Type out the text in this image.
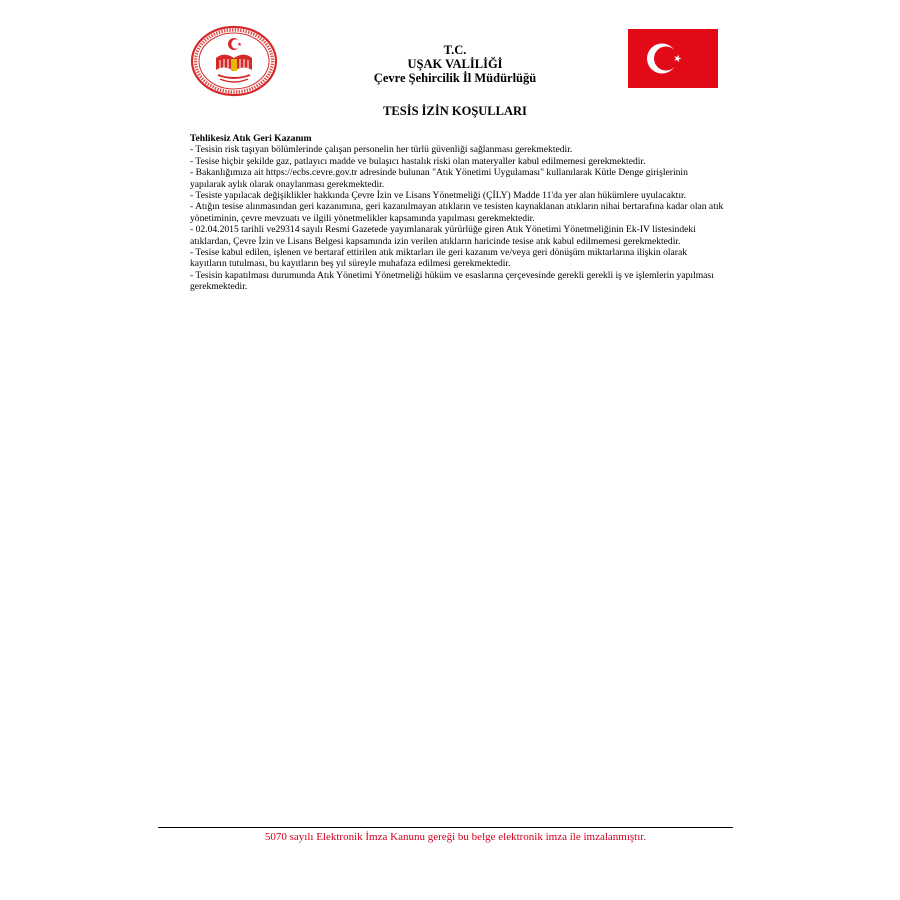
T.C.
UŞAK VALİLİĞİ
Çevre Şehircilik İl Müdürlüğü
TESİS İZİN KOŞULLARI
Tehlikesiz Atık Geri Kazanım

- Tesisin risk taşıyan bölümlerinde çalışan personelin her türlü güvenliği sağlanması gerekmektedir.

- Tesise hiçbir şekilde gaz, patlayıcı madde ve bulaşıcı hastalık riski olan materyaller kabul edilmemesi gerekmektedir.

- Bakanlığımıza ait https://ecbs.cevre.gov.tr adresinde bulunan "Atık Yönetimi Uygulaması" kullanılarak Kütle Denge girişlerinin yapılarak aylık olarak onaylanması gerekmektedir.

- Tesiste yapılacak değişiklikler hakkında Çevre İzin ve Lisans Yönetmeliği (ÇİLY) Madde 11'da yer alan hükümlere uyulacaktır.

- Atığın tesise alınmasından geri kazanımına, geri kazanılmayan atıkların ve tesisten kaynaklanan atıkların nihai bertarafına kadar olan atık yönetiminin, çevre mevzuatı ve ilgili yönetmelikler kapsamında yapılması gerekmektedir.

- 02.04.2015 tarihli ve29314 sayılı Resmi Gazetede yayımlanarak yürürlüğe giren Atık Yönetimi Yönetmeliğinin Ek-IV listesindeki atıklardan, Çevre İzin ve Lisans Belgesi kapsamında izin verilen atıkların haricinde tesise atık kabul edilmemesi gerekmektedir.

- Tesise kabul edilen, işlenen ve bertaraf ettirilen atık miktarları ile geri kazanım ve/veya geri dönüşüm miktarlarına ilişkin olarak kayıtların tutulması, bu kayıtların beş yıl süreyle muhafaza edilmesi gerekmektedir.

- Tesisin kapatılması durumunda Atık Yönetimi Yönetmeliği hüküm ve esaslarına çerçevesinde gerekli gerekli iş ve işlemlerin yapılması gerekmektedir.

5070 sayılı Elektronik İmza Kanunu gereği bu belge elektronik imza ile imzalanmıştır.
